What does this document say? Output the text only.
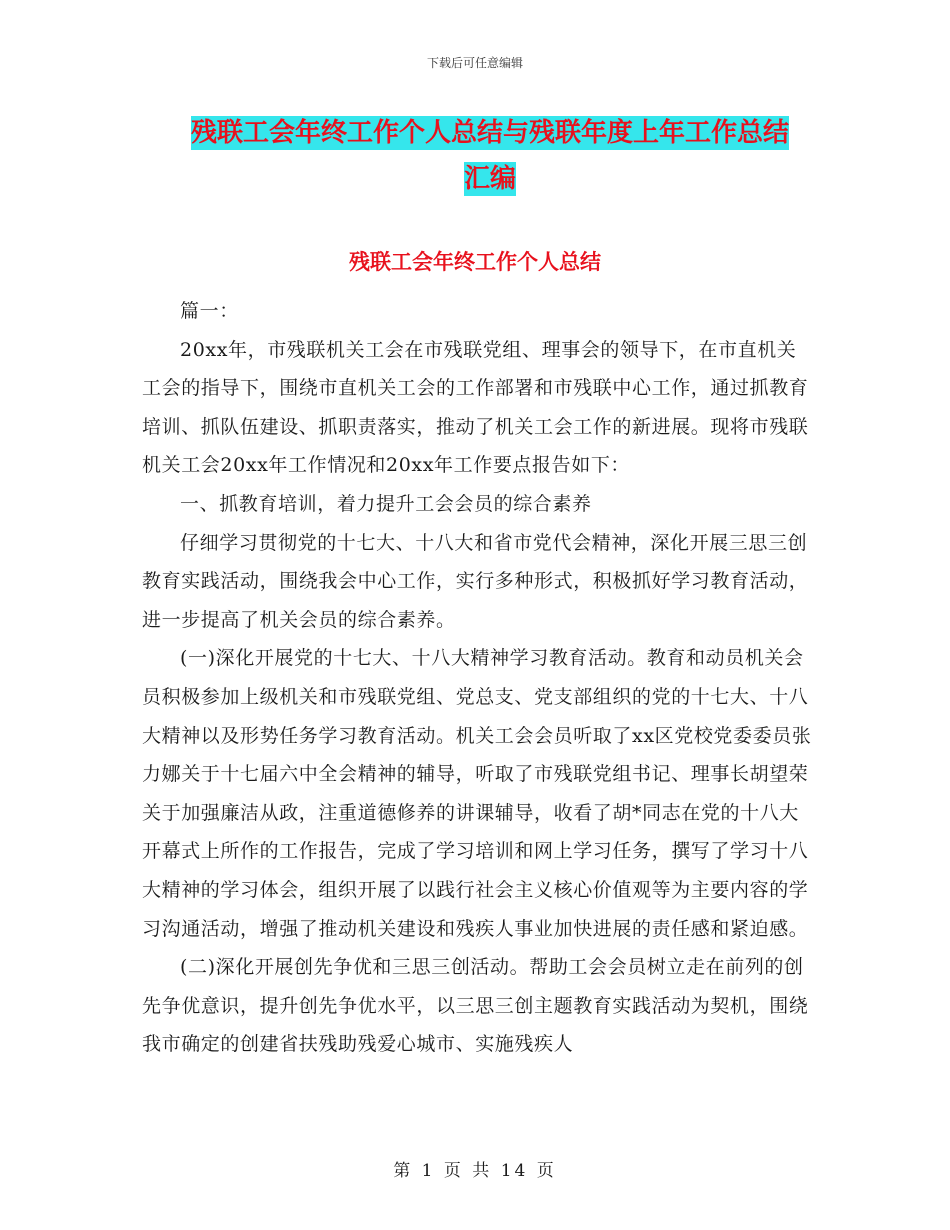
下载后可任意编辑
残联工会年终工作个人总结与残联年度上年工作总结
汇编
残联工会年终工作个人总结

篇一：

20xx年，市残联机关工会在市残联党组、理事会的领导下，在市直机关工会的指导下，围绕市直机关工会的工作部署和市残联中心工作，通过抓教育培训、抓队伍建设、抓职责落实，推动了机关工会工作的新进展。现将市残联机关工会20xx年工作情况和20xx年工作要点报告如下：

一、抓教育培训，着力提升工会会员的综合素养

仔细学习贯彻党的十七大、十八大和省市党代会精神，深化开展三思三创教育实践活动，围绕我会中心工作，实行多种形式，积极抓好学习教育活动，进一步提高了机关会员的综合素养。

(一)深化开展党的十七大、十八大精神学习教育活动。教育和动员机关会员积极参加上级机关和市残联党组、党总支、党支部组织的党的十七大、十八大精神以及形势任务学习教育活动。机关工会会员听取了xx区党校党委委员张力娜关于十七届六中全会精神的辅导，听取了市残联党组书记、理事长胡望荣关于加强廉洁从政，注重道德修养的讲课辅导，收看了胡*同志在党的十八大开幕式上所作的工作报告，完成了学习培训和网上学习任务，撰写了学习十八大精神的学习体会，组织开展了以践行社会主义核心价值观等为主要内容的学习沟通活动，增强了推动机关建设和残疾人事业加快进展的责任感和紧迫感。

(二)深化开展创先争优和三思三创活动。帮助工会会员树立走在前列的创先争优意识，提升创先争优水平，以三思三创主题教育实践活动为契机，围绕我市确定的创建省扶残助残爱心城市、实施残疾人

第 1 页 共 14 页
